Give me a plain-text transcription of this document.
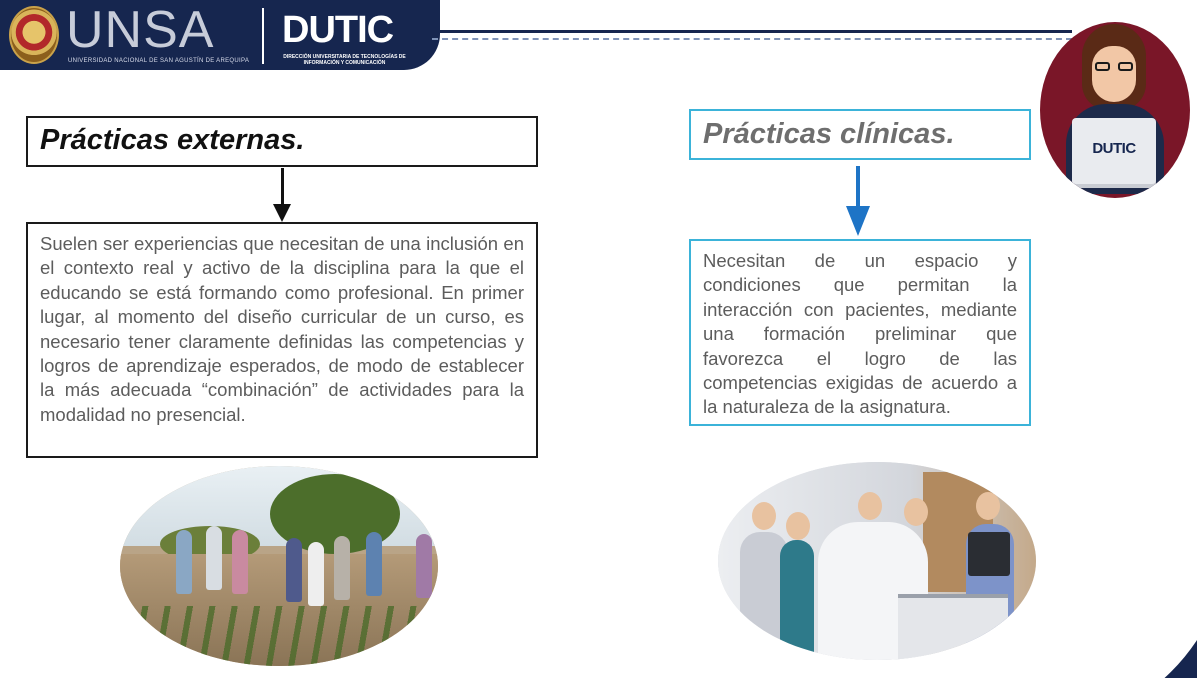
UNSA
UNIVERSIDAD NACIONAL DE SAN AGUSTÍN DE AREQUIPA
DUTIC
DIRECCIÓN UNIVERSITARIA DE TECNOLOGÍAS DE INFORMACIÓN Y COMUNICACIÓN
DUTIC
Prácticas externas.
Suelen ser experiencias que necesitan de una inclusión en el contexto real y activo de la disciplina para la que el educando se está formando como profesional. En primer lugar, al momento del diseño curricular de un curso, es necesario tener claramente definidas las competencias y logros de aprendizaje esperados, de modo de establecer la más adecuada “combinación” de actividades para la modalidad no presencial.
Prácticas clínicas.
Necesitan de un espacio y condiciones que permitan la interacción con pacientes, mediante una formación preliminar que favorezca el logro de las competencias exigidas de acuerdo a la naturaleza de la asignatura.
